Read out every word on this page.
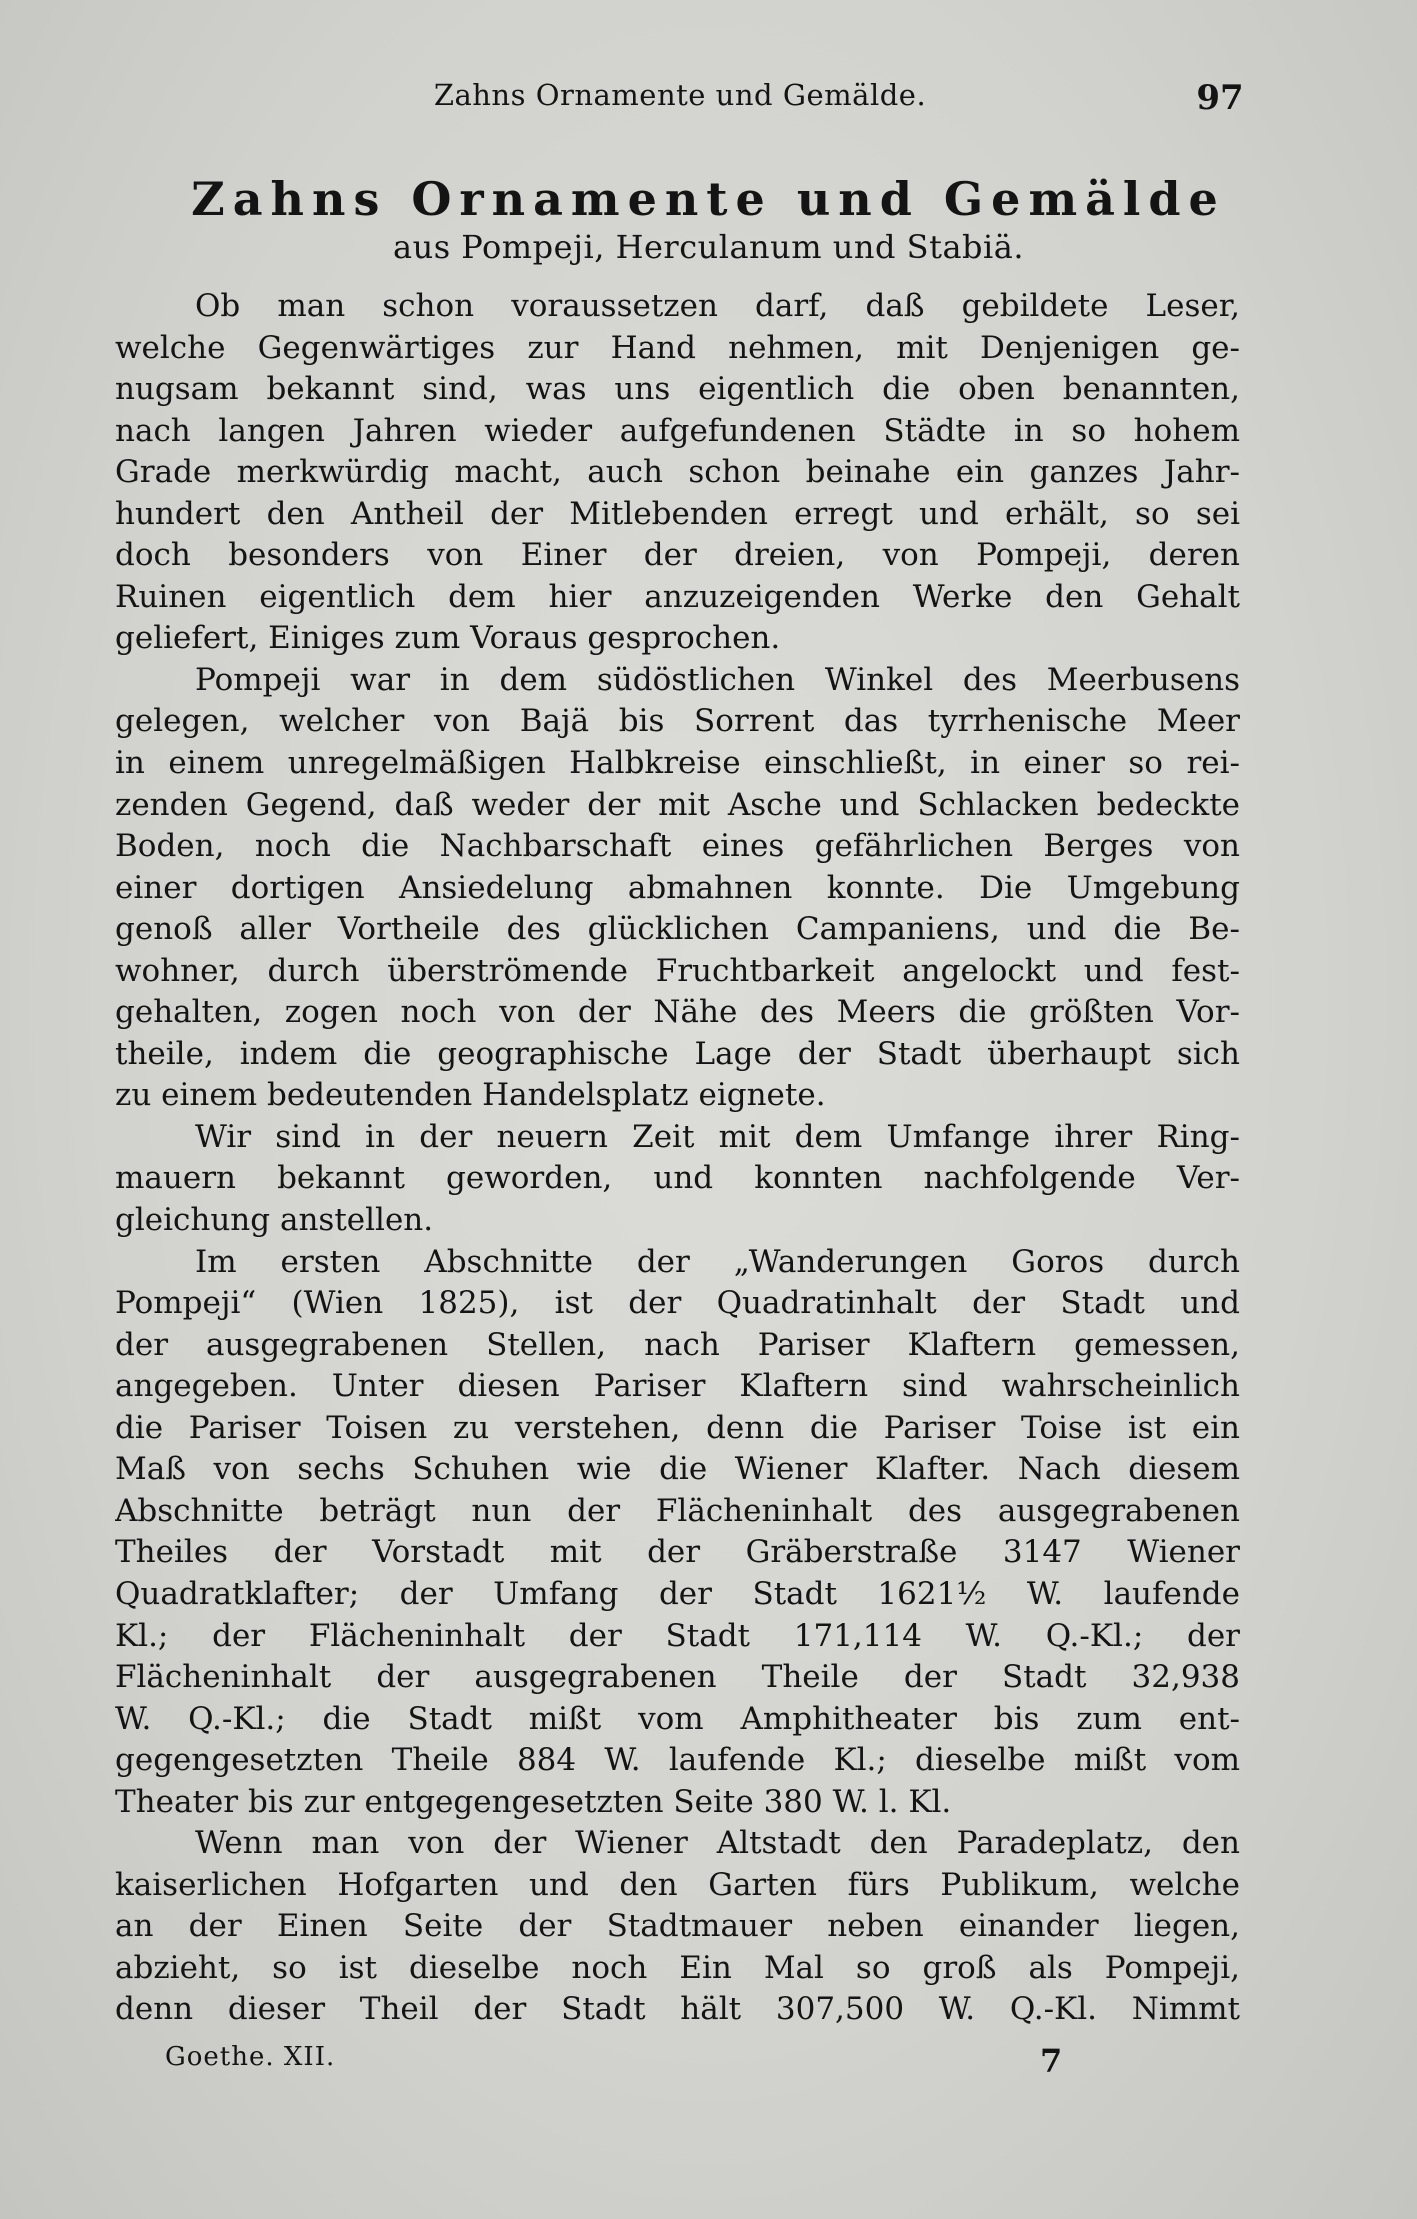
Zahns Ornamente und Gemälde.	97
Zahns Ornamente und Gemälde
aus Pompeji, Herculanum und Stabiä.
Ob man schon voraussetzen darf, daß gebildete Leser,
welche Gegenwärtiges zur Hand nehmen, mit Denjenigen ge-
nugsam bekannt sind, was uns eigentlich die oben benannten,
nach langen Jahren wieder aufgefundenen Städte in so hohem
Grade merkwürdig macht, auch schon beinahe ein ganzes Jahr-
hundert den Antheil der Mitlebenden erregt und erhält, so sei
doch besonders von Einer der dreien, von Pompeji, deren
Ruinen eigentlich dem hier anzuzeigenden Werke den Gehalt
geliefert, Einiges zum Voraus gesprochen.
Pompeji war in dem südöstlichen Winkel des Meerbusens
gelegen, welcher von Bajä bis Sorrent das tyrrhenische Meer
in einem unregelmäßigen Halbkreise einschließt, in einer so rei-
zenden Gegend, daß weder der mit Asche und Schlacken bedeckte
Boden, noch die Nachbarschaft eines gefährlichen Berges von
einer dortigen Ansiedelung abmahnen konnte. Die Umgebung
genoß aller Vortheile des glücklichen Campaniens, und die Be-
wohner, durch überströmende Fruchtbarkeit angelockt und fest-
gehalten, zogen noch von der Nähe des Meers die größten Vor-
theile, indem die geographische Lage der Stadt überhaupt sich
zu einem bedeutenden Handelsplatz eignete.
Wir sind in der neuern Zeit mit dem Umfange ihrer Ring-
mauern bekannt geworden, und konnten nachfolgende Ver-
gleichung anstellen.
Im ersten Abschnitte der „Wanderungen Goros durch
Pompeji“ (Wien 1825), ist der Quadratinhalt der Stadt und
der ausgegrabenen Stellen, nach Pariser Klaftern gemessen,
angegeben. Unter diesen Pariser Klaftern sind wahrscheinlich
die Pariser Toisen zu verstehen, denn die Pariser Toise ist ein
Maß von sechs Schuhen wie die Wiener Klafter. Nach diesem
Abschnitte beträgt nun der Flächeninhalt des ausgegrabenen
Theiles der Vorstadt mit der Gräberstraße 3147 Wiener
Quadratklafter; der Umfang der Stadt 1621½ W. laufende
Kl.; der Flächeninhalt der Stadt 171,114 W. Q.-Kl.; der
Flächeninhalt der ausgegrabenen Theile der Stadt 32,938
W. Q.-Kl.; die Stadt mißt vom Amphitheater bis zum ent-
gegengesetzten Theile 884 W. laufende Kl.; dieselbe mißt vom
Theater bis zur entgegengesetzten Seite 380 W. l. Kl.
Wenn man von der Wiener Altstadt den Paradeplatz, den
kaiserlichen Hofgarten und den Garten fürs Publikum, welche
an der Einen Seite der Stadtmauer neben einander liegen,
abzieht, so ist dieselbe noch Ein Mal so groß als Pompeji,
denn dieser Theil der Stadt hält 307,500 W. Q.-Kl. Nimmt
Goethe. XII.	7
